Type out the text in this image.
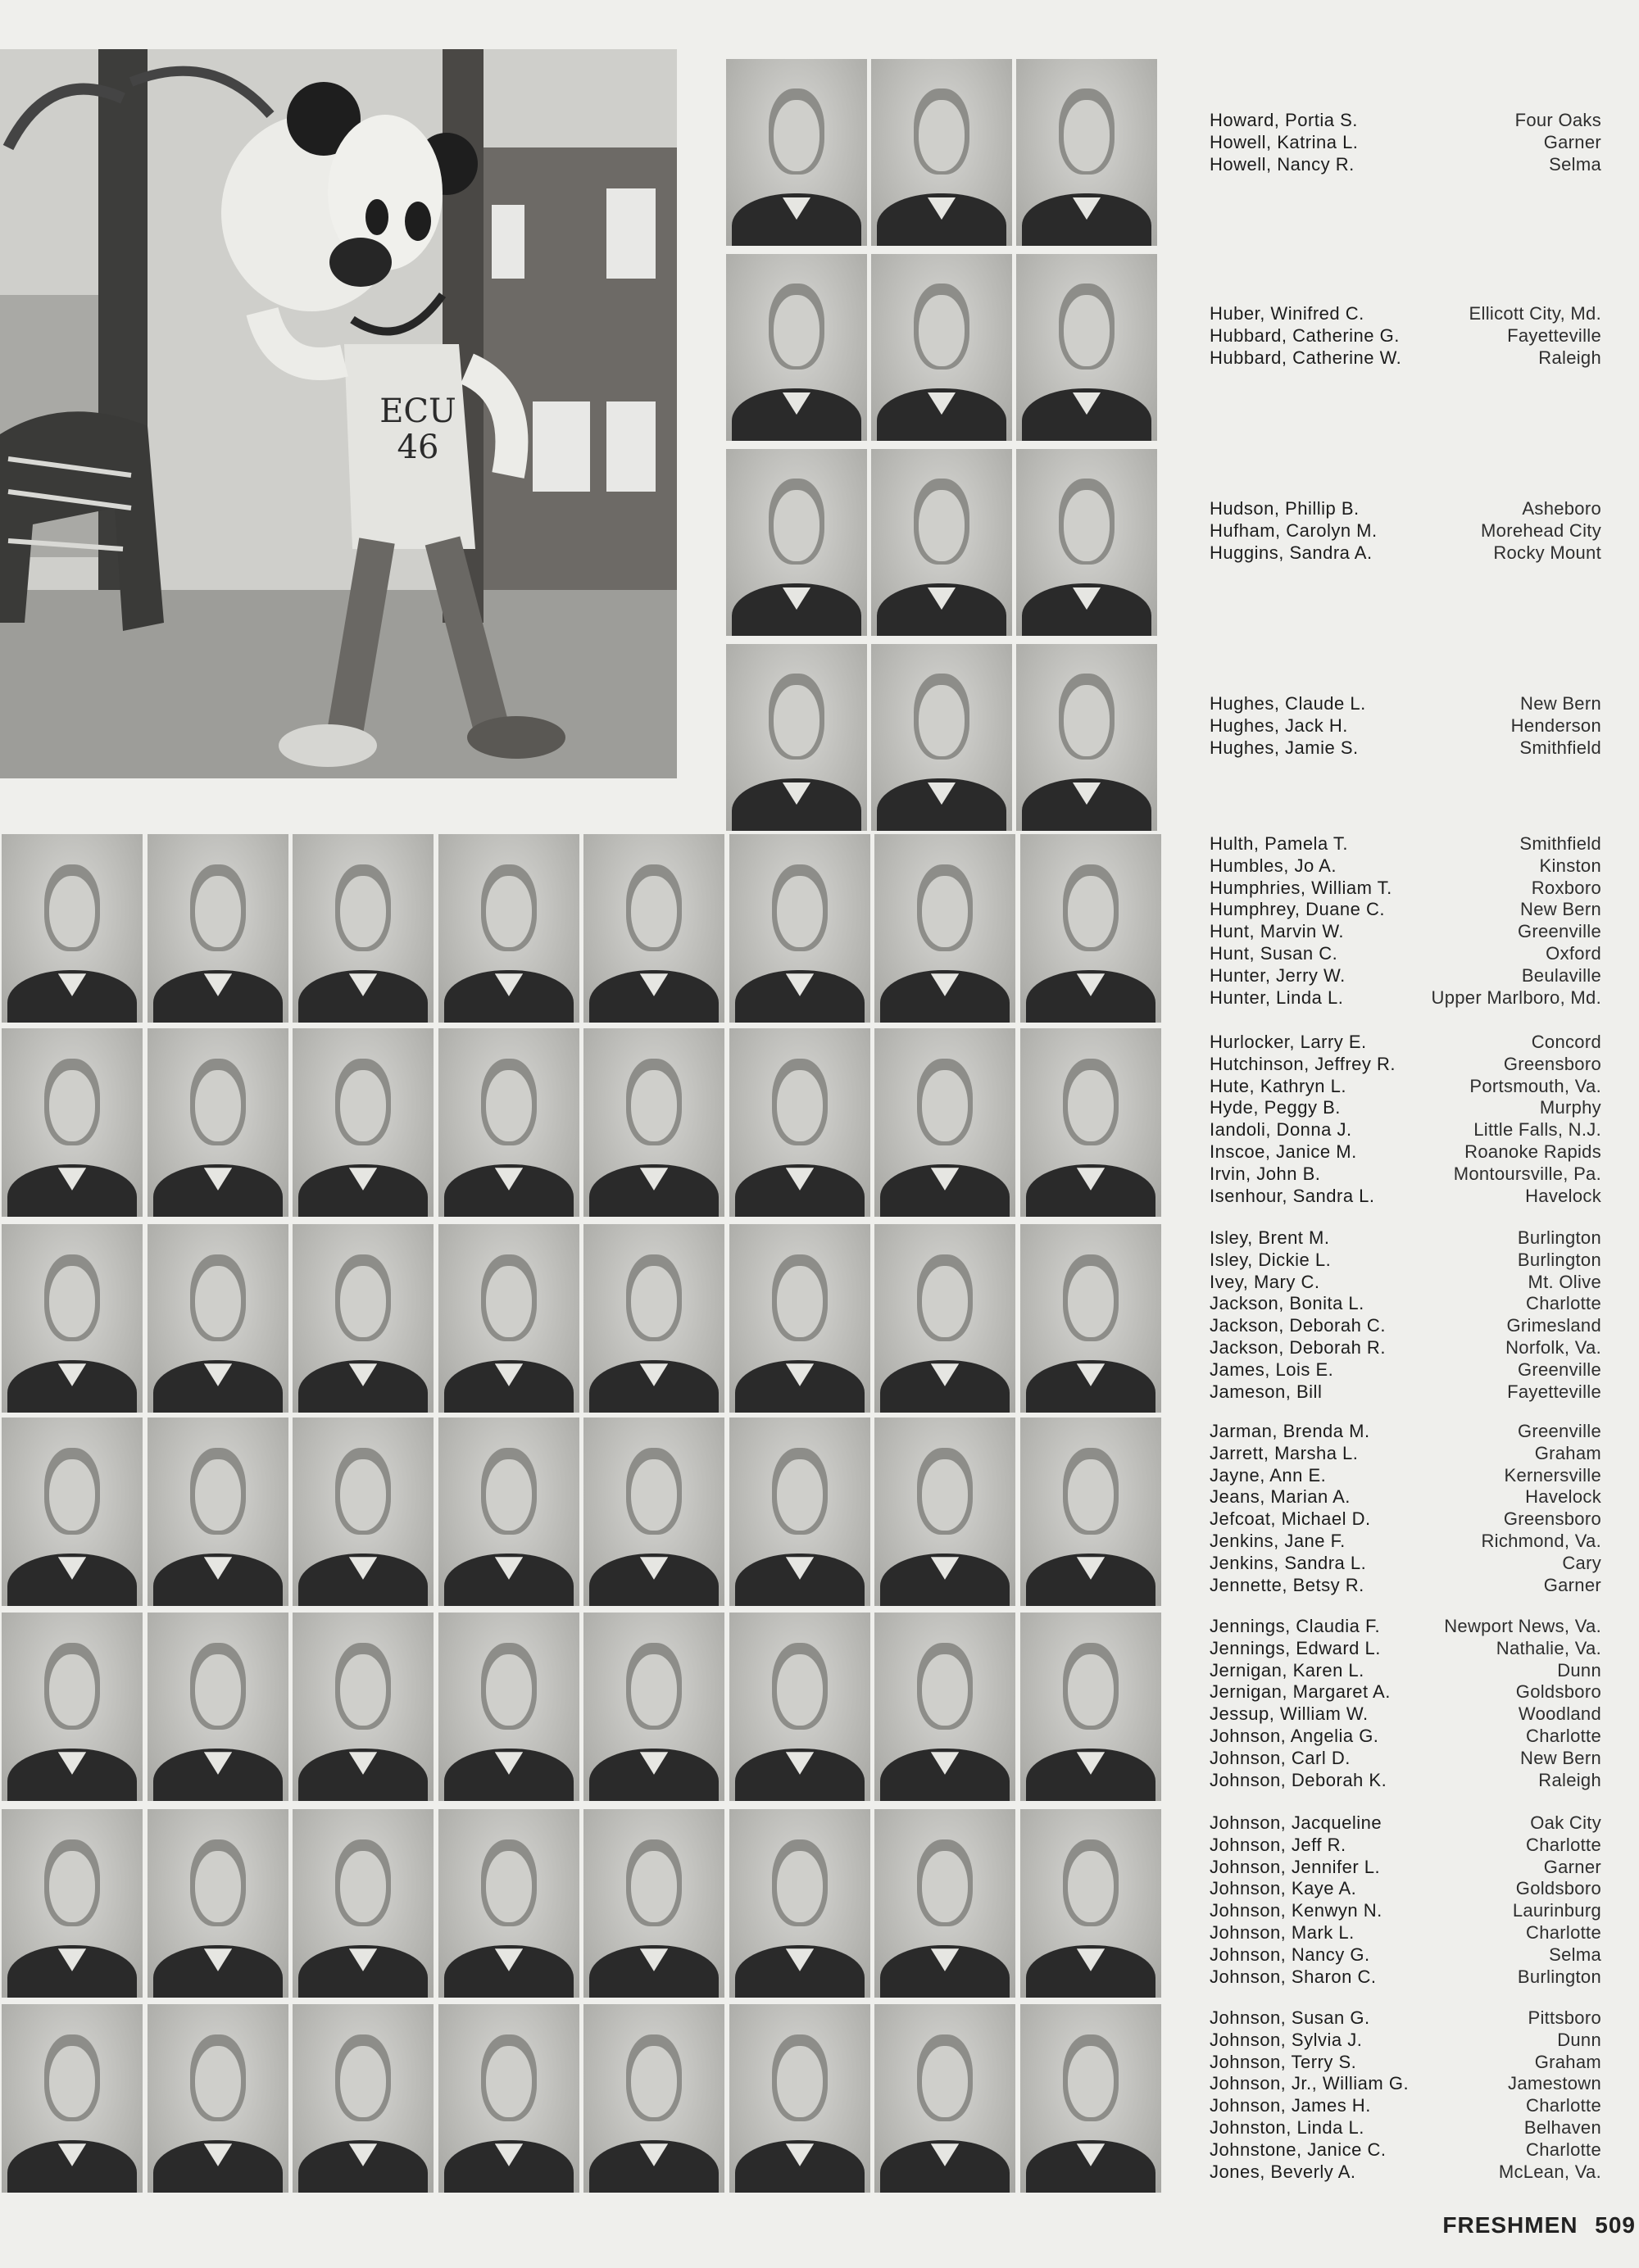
ECU 46
Howard, Portia S.	Four Oaks
Howell, Katrina L.	Garner
Howell, Nancy R.	Selma
Huber, Winifred C.	Ellicott City, Md.
Hubbard, Catherine G.	Fayetteville
Hubbard, Catherine W.	Raleigh
Hudson, Phillip B.	Asheboro
Hufham, Carolyn M.	Morehead City
Huggins, Sandra A.	Rocky Mount
Hughes, Claude L.	New Bern
Hughes, Jack H.	Henderson
Hughes, Jamie S.	Smithfield
Hulth, Pamela T.	Smithfield
Humbles, Jo A.	Kinston
Humphries, William T.	Roxboro
Humphrey, Duane C.	New Bern
Hunt, Marvin W.	Greenville
Hunt, Susan C.	Oxford
Hunter, Jerry W.	Beulaville
Hunter, Linda L.	Upper Marlboro, Md.
Hurlocker, Larry E.	Concord
Hutchinson, Jeffrey R.	Greensboro
Hute, Kathryn L.	Portsmouth, Va.
Hyde, Peggy B.	Murphy
Iandoli, Donna J.	Little Falls, N.J.
Inscoe, Janice M.	Roanoke Rapids
Irvin, John B.	Montoursville, Pa.
Isenhour, Sandra L.	Havelock
Isley, Brent M.	Burlington
Isley, Dickie L.	Burlington
Ivey, Mary C.	Mt. Olive
Jackson, Bonita L.	Charlotte
Jackson, Deborah C.	Grimesland
Jackson, Deborah R.	Norfolk, Va.
James, Lois E.	Greenville
Jameson, Bill	Fayetteville
Jarman, Brenda M.	Greenville
Jarrett, Marsha L.	Graham
Jayne, Ann E.	Kernersville
Jeans, Marian A.	Havelock
Jefcoat, Michael D.	Greensboro
Jenkins, Jane F.	Richmond, Va.
Jenkins, Sandra L.	Cary
Jennette, Betsy R.	Garner
Jennings, Claudia F.	Newport News, Va.
Jennings, Edward L.	Nathalie, Va.
Jernigan, Karen L.	Dunn
Jernigan, Margaret A.	Goldsboro
Jessup, William W.	Woodland
Johnson, Angelia G.	Charlotte
Johnson, Carl D.	New Bern
Johnson, Deborah K.	Raleigh
Johnson, Jacqueline	Oak City
Johnson, Jeff R.	Charlotte
Johnson, Jennifer L.	Garner
Johnson, Kaye A.	Goldsboro
Johnson, Kenwyn N.	Laurinburg
Johnson, Mark L.	Charlotte
Johnson, Nancy G.	Selma
Johnson, Sharon C.	Burlington
Johnson, Susan G.	Pittsboro
Johnson, Sylvia J.	Dunn
Johnson, Terry S.	Graham
Johnson, Jr., William G.	Jamestown
Johnson, James H.	Charlotte
Johnston, Linda L.	Belhaven
Johnstone, Janice C.	Charlotte
Jones, Beverly A.	McLean, Va.
FRESHMEN 509
